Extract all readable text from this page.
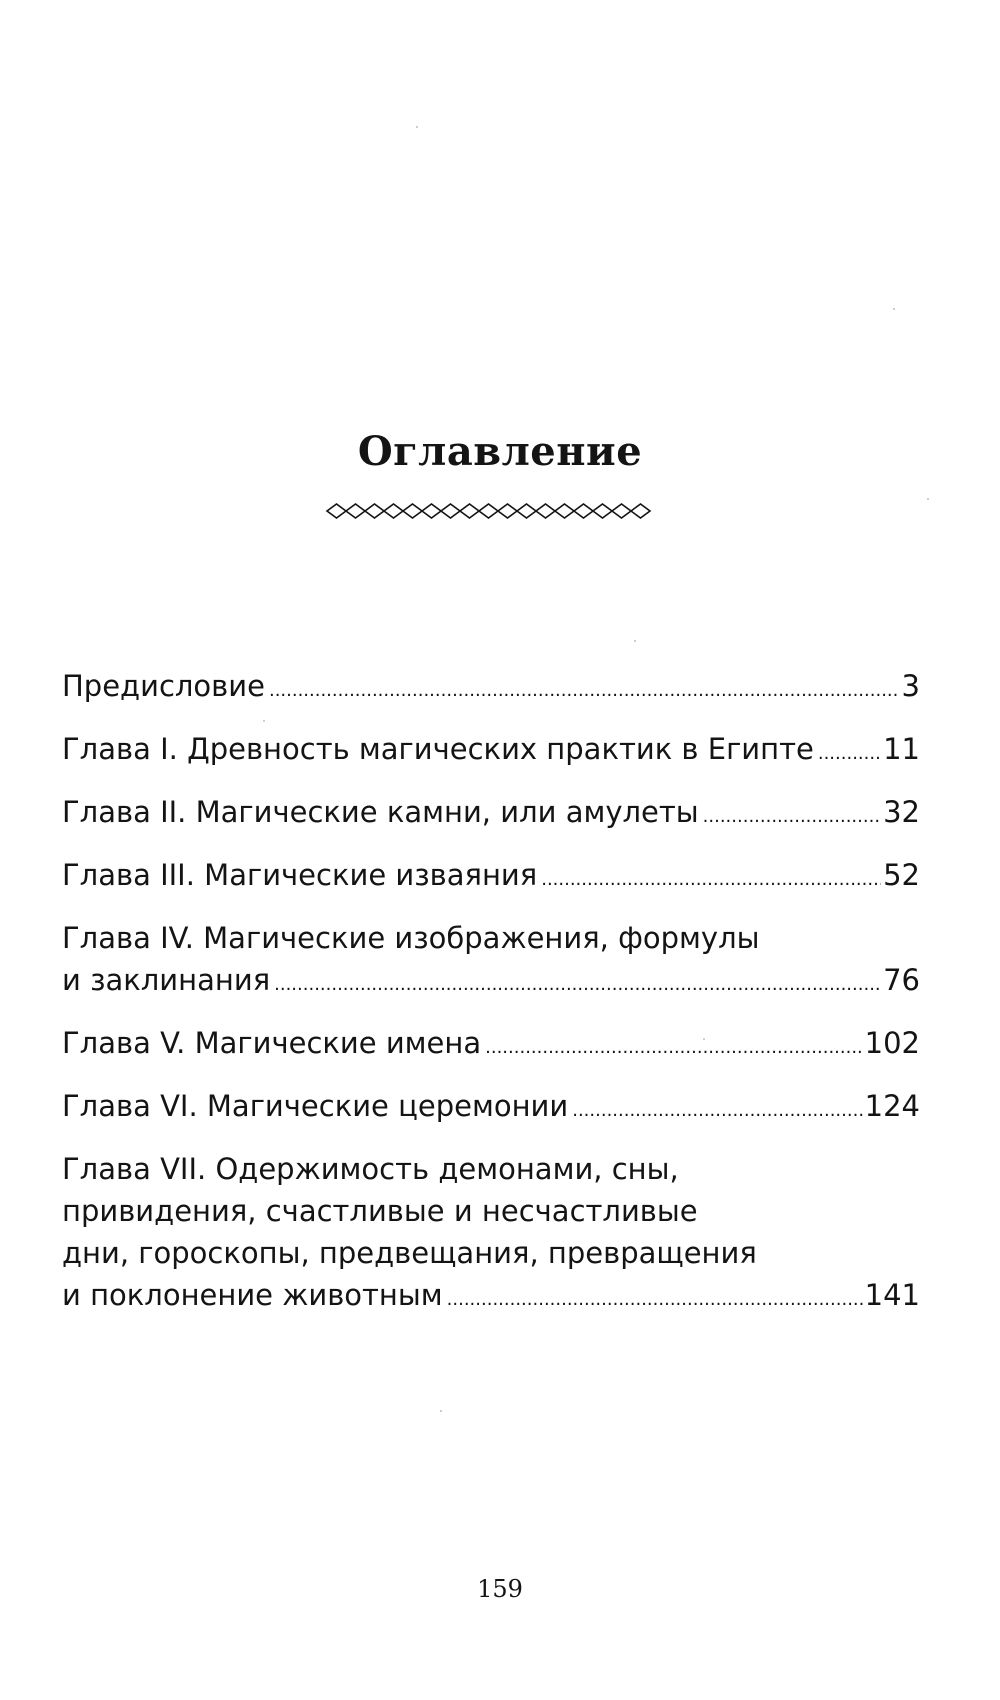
Оглавление
Предисловие .....	3
Глава I. Древность магических практик в Египте ..... 11
Глава II. Магические камни, или амулеты .....	32
Глава III. Магические изваяния .....	52
Глава IV. Магические изображения, формулы
и заклинания .....	76
Глава V. Магические имена .....	102
Глава VI. Магические церемонии .....	124
Глава VII. Одержимость демонами, сны,
привидения, счастливые и несчастливые
дни, гороскопы, предвещания, превращения
и поклонение животным .....	141
159
